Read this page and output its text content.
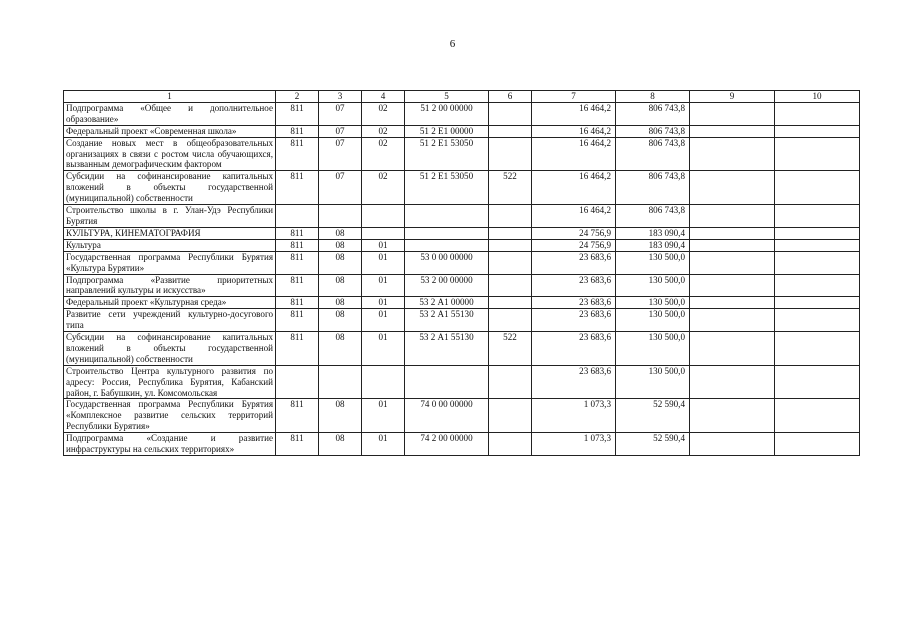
6
1	2	3	4	5	6	7	8	9	10
Подпрограмма «Общее и дополнительное образование»	811	07	02	51 2 00 00000		16 464,2	806 743,8		
Федеральный проект «Современная школа»	811	07	02	51 2 Е1 00000		16 464,2	806 743,8		
Создание новых мест в общеобразовательных организациях в связи с ростом числа обучающихся, вызванным демографическим фактором	811	07	02	51 2 Е1 53050		16 464,2	806 743,8		
Субсидии на софинансирование капитальных вложений в объекты государственной (муниципальной) собственности	811	07	02	51 2 Е1 53050	522	16 464,2	806 743,8		
Строительство школы в г. Улан-Удэ Республики Бурятия						16 464,2	806 743,8		
КУЛЬТУРА, КИНЕМАТОГРАФИЯ	811	08				24 756,9	183 090,4		
Культура	811	08	01			24 756,9	183 090,4		
Государственная программа Республики Бурятия «Культура Бурятии»	811	08	01	53 0 00 00000		23 683,6	130 500,0		
Подпрограмма «Развитие приоритетных направлений культуры и искусства»	811	08	01	53 2 00 00000		23 683,6	130 500,0		
Федеральный проект «Культурная среда»	811	08	01	53 2 А1 00000		23 683,6	130 500,0		
Развитие сети учреждений культурно-досугового типа	811	08	01	53 2 А1 55130		23 683,6	130 500,0		
Субсидии на софинансирование капитальных вложений в объекты государственной (муниципальной) собственности	811	08	01	53 2 А1 55130	522	23 683,6	130 500,0		
Строительство Центра культурного развития по адресу: Россия, Республика Бурятия, Кабанский район, г. Бабушкин, ул. Комсомольская						23 683,6	130 500,0		
Государственная программа Республики Бурятия «Комплексное развитие сельских территорий Республики Бурятия»	811	08	01	74 0 00 00000		1 073,3	52 590,4		
Подпрограмма «Создание и развитие инфраструктуры на сельских территориях»	811	08	01	74 2 00 00000		1 073,3	52 590,4		
